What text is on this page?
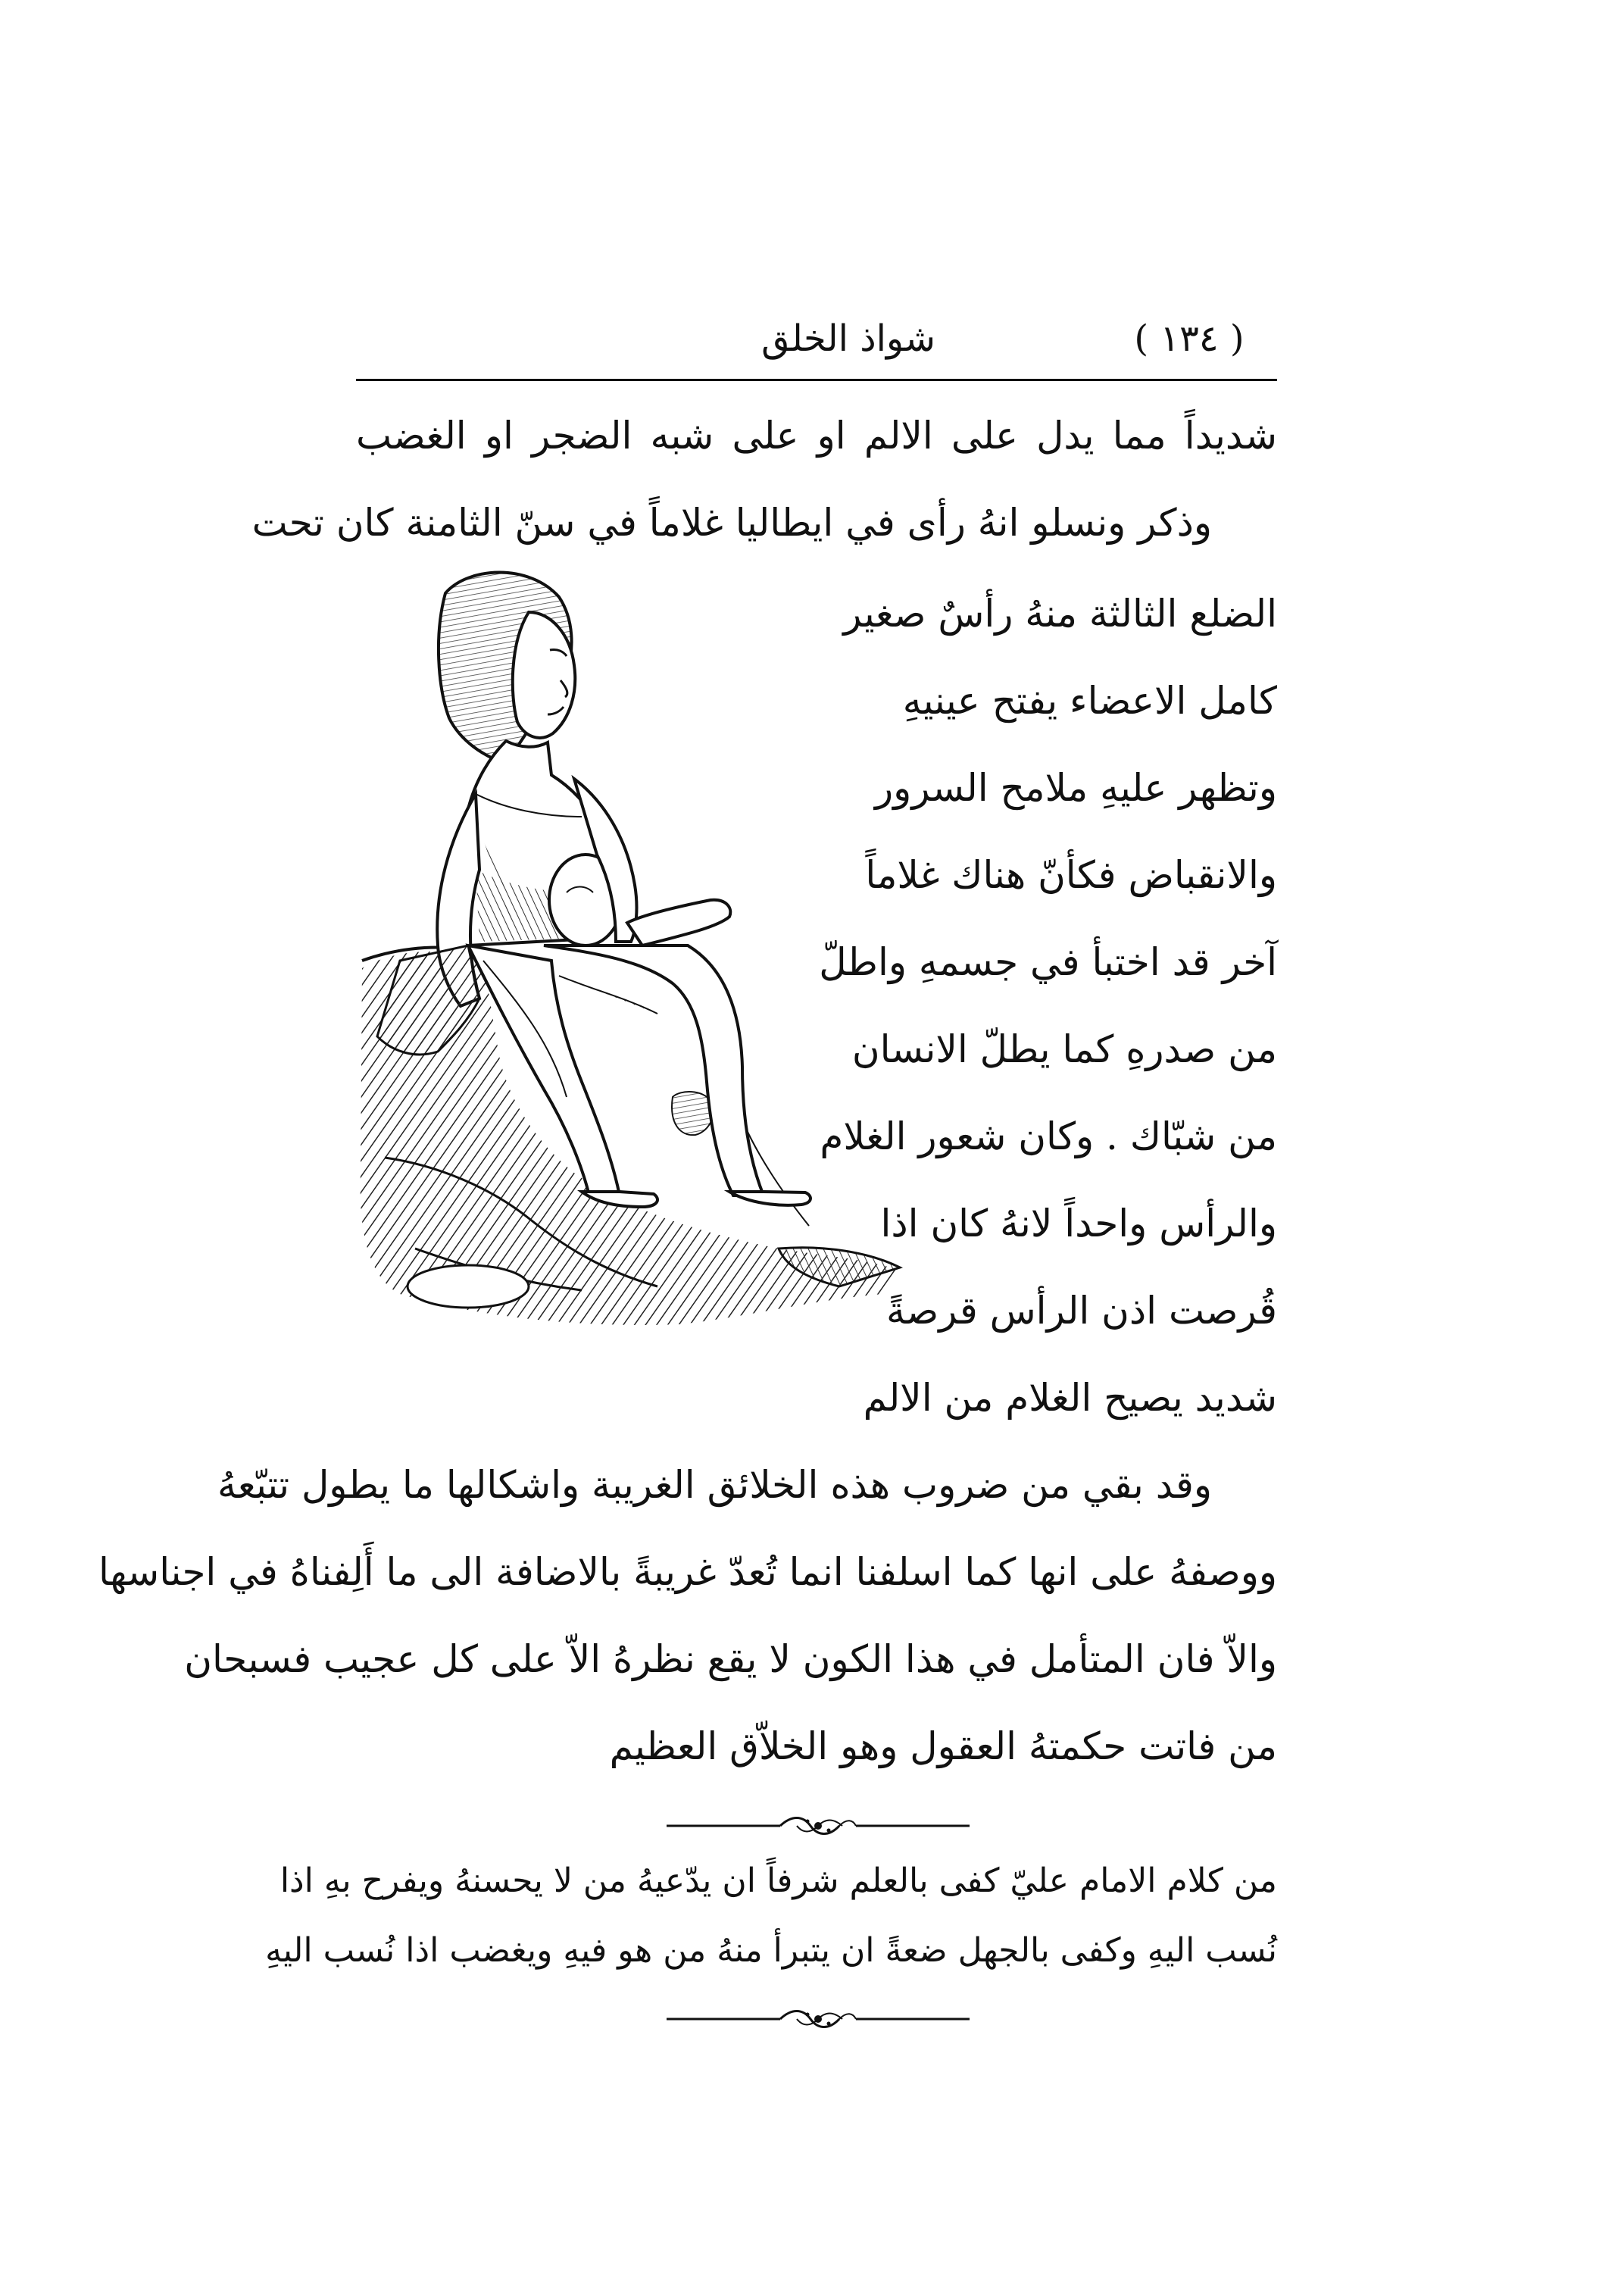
شواذ الخلق	( ١٣٤ )
شديداً مما يدل على الالم او على شبه الضجر او الغضب
وذكر ونسلو انهُ رأى في ايطاليا غلاماً في سنّ الثامنة كان تحت
الضلع الثالثة منهُ رأسٌ صغير
كامل الاعضاء يفتح عينيهِ
وتظهر عليهِ ملامح السرور
والانقباض فكأنّ هناك غلاماً
آخر قد اختبأ في جسمهِ واطلّ
من صدرهِ كما يطلّ الانسان
من شبّاك . وكان شعور الغلام
والرأس واحداً لانهُ كان اذا
قُرصت اذن الرأس قرصةً
شديد يصيح الغلام من الالم
وقد بقي من ضروب هذه الخلائق الغريبة واشكالها ما يطول تتبّعهُ
ووصفهُ على انها كما اسلفنا انما تُعدّ غريبةً بالاضافة الى ما أَلِفناهُ في اجناسها
والاّ فان المتأمل في هذا الكون لا يقع نظرهُ الاّ على كل عجيب فسبحان
من فاتت حكمتهُ العقول وهو الخلاّق العظيم
من كلام الامام عليّ كفى بالعلم شرفاً ان يدّعيهُ من لا يحسنهُ ويفرح بهِ اذا
نُسب اليهِ وكفى بالجهل ضعةً ان يتبرأ منهُ من هو فيهِ ويغضب اذا نُسب اليهِ
